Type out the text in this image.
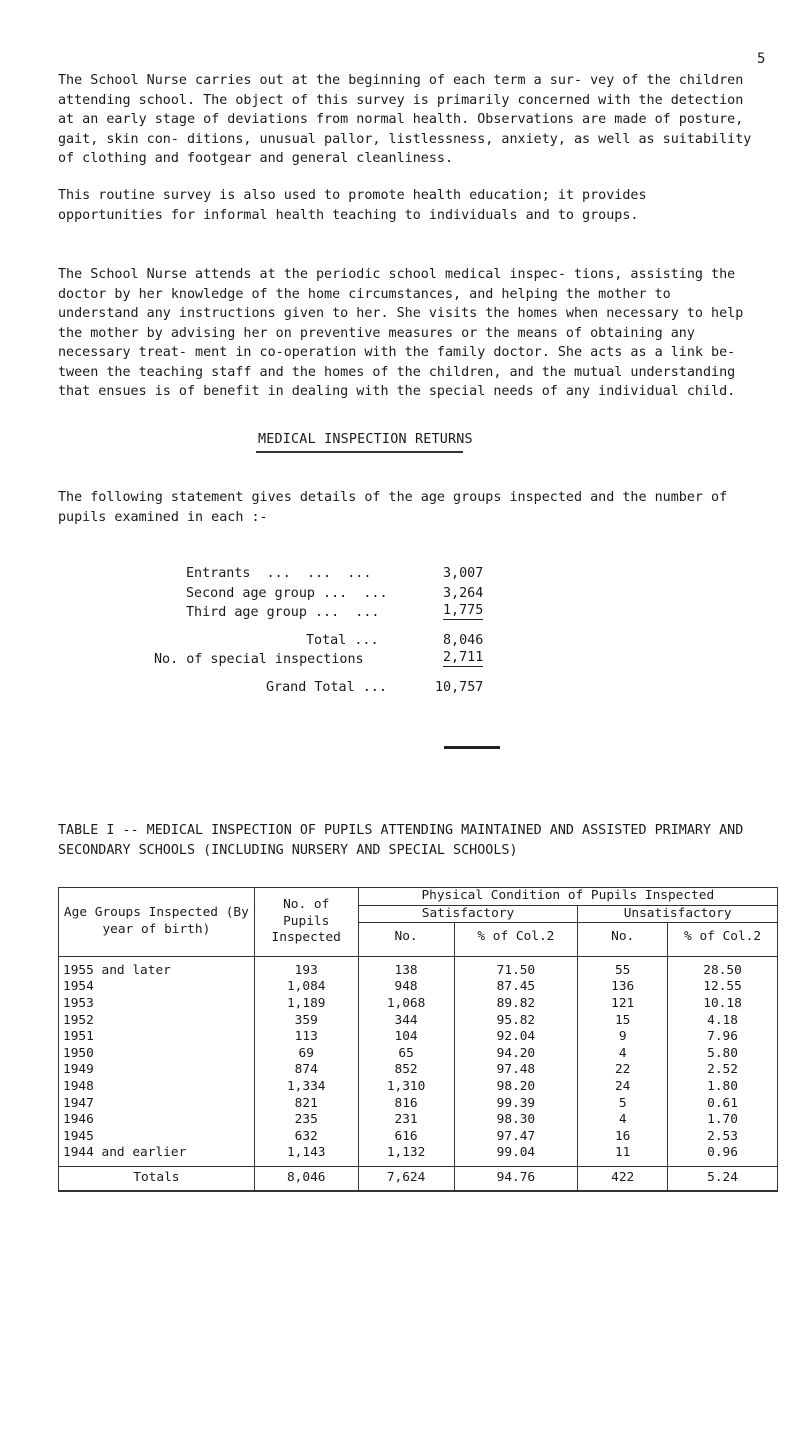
5

The School Nurse carries out at the beginning of each term a sur- vey of the children attending school. The object of this survey is primarily concerned with the detection at an early stage of deviations from normal health. Observations are made of posture, gait, skin con- ditions, unusual pallor, listlessness, anxiety, as well as suitability of clothing and footgear and general cleanliness.

This routine survey is also used to promote health education; it provides opportunities for informal health teaching to individuals and to groups.

The School Nurse attends at the periodic school medical inspec- tions, assisting the doctor by her knowledge of the home circumstances, and helping the mother to understand any instructions given to her. She visits the homes when necessary to help the mother by advising her on preventive measures or the means of obtaining any necessary treat- ment in co-operation with the family doctor. She acts as a link be- tween the teaching staff and the homes of the children, and the mutual understanding that ensues is of benefit in dealing with the special needs of any individual child.

MEDICAL INSPECTION RETURNS

The following statement gives details of the age groups inspected and the number of pupils examined in each :-

Entrants  ...  ...  ...	3,007
Second age group ...  ...	3,264
Third age group ...  ...	1,775
Total ...	8,046
No. of special inspections	2,711
Grand Total ...	10,757

TABLE I -- MEDICAL INSPECTION OF PUPILS ATTENDING MAINTAINED AND ASSISTED PRIMARY AND SECONDARY SCHOOLS (INCLUDING NURSERY AND SPECIAL SCHOOLS)

Age Groups Inspected (By year of birth)	No. of Pupils Inspected	Physical Condition of Pupils Inspected			
		Satisfactory		Unsatisfactory	
		No.	% of Col.2	No.	% of Col.2
1955 and later	193	138	71.50	55	28.50
1954	1,084	948	87.45	136	12.55
1953	1,189	1,068	89.82	121	10.18
1952	359	344	95.82	15	4.18
1951	113	104	92.04	9	7.96
1950	69	65	94.20	4	5.80
1949	874	852	97.48	22	2.52
1948	1,334	1,310	98.20	24	1.80
1947	821	816	99.39	5	0.61
1946	235	231	98.30	4	1.70
1945	632	616	97.47	16	2.53
1944 and earlier	1,143	1,132	99.04	11	0.96
Totals	8,046	7,624	94.76	422	5.24
